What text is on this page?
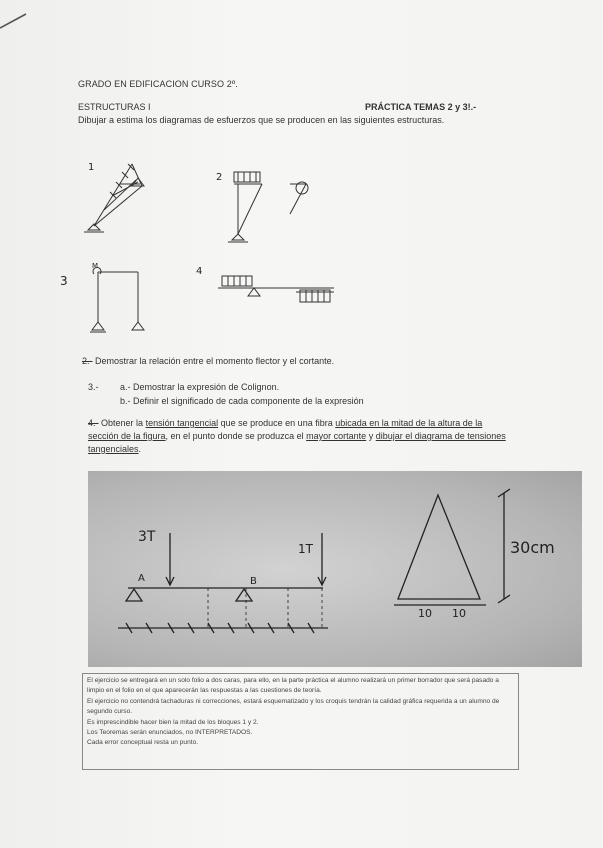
GRADO EN EDIFICACION CURSO 2º.
ESTRUCTURAS I	PRÁCTICA TEMAS 2 y 3!.-
Dibujar a estima los diagramas de esfuerzos que se producen en las siguientes estructuras.
1
2
3
4
M
2.- Demostrar la relación entre el momento flector y el cortante.
3.- a.- Demostrar la expresión de Colignon.
b.- Definir el significado de cada componente de la expresión
4.- Obtener la tensión tangencial que se produce en una fibra ubicada en la mitad de la altura de la sección de la figura, en el punto donde se produzca el mayor cortante y dibujar el diagrama de tensiones tangenciales.
3T
1T
A	B
30cm
10 10
El ejercicio se entregará en un solo folio a dos caras, para ello, en la parte práctica el alumno realizará un primer borrador que será pasado a limpio en el folio en el que aparecerán las respuestas a las cuestiones de teoría.
El ejercicio no contendrá tachaduras ni correcciones, estará esquematizado y los croquis tendrán la calidad gráfica requerida a un alumno de segundo curso.
Es imprescindible hacer bien la mitad de los bloques 1 y 2.
Los Teoremas serán enunciados, no INTERPRETADOS.
Cada error conceptual resta un punto.
